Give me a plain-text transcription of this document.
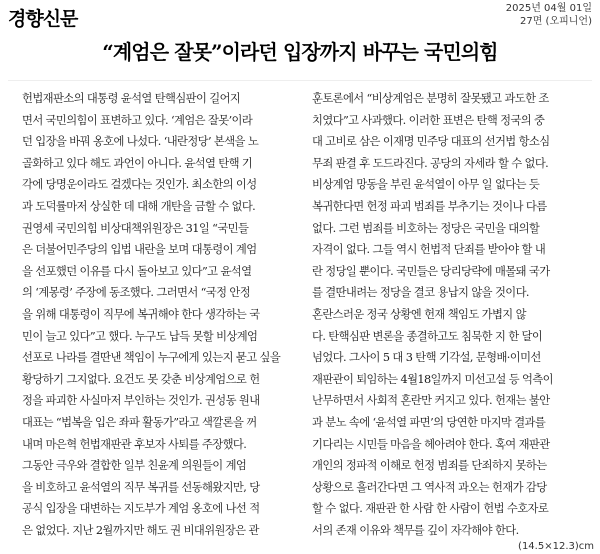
경향신문	2025년 04월 01일
27면 (오피니언)
“계엄은 잘못”이라던 입장까지 바꾸는 국민의힘
헌법재판소의 대통령 윤석열 탄핵심판이 길어지
면서 국민의힘이 표변하고 있다. ‘계엄은 잘못’이라
던 입장을 바꿔 옹호에 나섰다. ‘내란정당’ 본색을 노
골화하고 있다 해도 과언이 아니다. 윤석열 탄핵 기
각에 당명운이라도 걸겠다는 것인가. 최소한의 이성
과 도덕률마저 상실한 데 대해 개탄을 금할 수 없다.
권영세 국민의힘 비상대책위원장은 31일 “국민들
은 더불어민주당의 입법 내란을 보며 대통령이 계엄
을 선포했던 이유를 다시 돌아보고 있다”고 윤석열
의 ‘계몽령’ 주장에 동조했다. 그러면서 “국정 안정
을 위해 대통령이 직무에 복귀해야 한다 생각하는 국
민이 늘고 있다”고 했다. 누구도 납득 못할 비상계엄
선포로 나라를 결딴낸 책임이 누구에게 있는지 묻고 싶을
황당하기 그지없다. 요건도 못 갖춘 비상계엄으로 헌
정을 파괴한 사실마저 부인하는 것인가. 권성동 원내
대표는 “법복을 입은 좌파 활동가”라고 색깔론을 꺼
내며 마은혁 헌법재판관 후보자 사퇴를 주장했다.
그동안 극우와 결합한 일부 친윤계 의원들이 계엄
을 비호하고 윤석열의 직무 복귀를 선동해왔지만, 당
공식 입장을 대변하는 지도부가 계엄 옹호에 나선 적
은 없었다. 지난 2월까지만 해도 권 비대위원장은 관
훈토론에서 “비상계엄은 분명히 잘못됐고 과도한 조
치였다”고 사과했다. 이러한 표변은 탄핵 정국의 중
대 고비로 삼은 이재명 민주당 대표의 선거법 항소심
무죄 판결 후 도드라진다. 공당의 자세라 할 수 없다.
비상계엄 망동을 부린 윤석열이 아무 일 없다는 듯
복귀한다면 헌정 파괴 범죄를 부추기는 것이나 다름
없다. 그런 범죄를 비호하는 정당은 국민을 대의할
자격이 없다. 그들 역시 헌법적 단죄를 받아야 할 내
란 정당일 뿐이다. 국민들은 당리당략에 매몰돼 국가
를 결딴내려는 정당을 결코 용납지 않을 것이다.
혼란스러운 정국 상황엔 헌재 책임도 가볍지 않
다. 탄핵심판 변론을 종결하고도 침묵한 지 한 달이
넘었다. 그사이 5 대 3 탄핵 기각설, 문형배·이미선
재판관이 퇴임하는 4월18일까지 미선고설 등 억측이
난무하면서 사회적 혼란만 커지고 있다. 헌재는 불안
과 분노 속에 ‘윤석열 파면’의 당연한 마지막 결과를
기다리는 시민들 마음을 헤아려야 한다. 혹여 재판관
개인의 정파적 이해로 헌정 범죄를 단죄하지 못하는
상황으로 흘러간다면 그 역사적 과오는 헌재가 감당
할 수 없다. 재판관 한 사람 한 사람이 헌법 수호자로
서의 존재 이유와 책무를 깊이 자각해야 한다.
(14.5×12.3)cm
